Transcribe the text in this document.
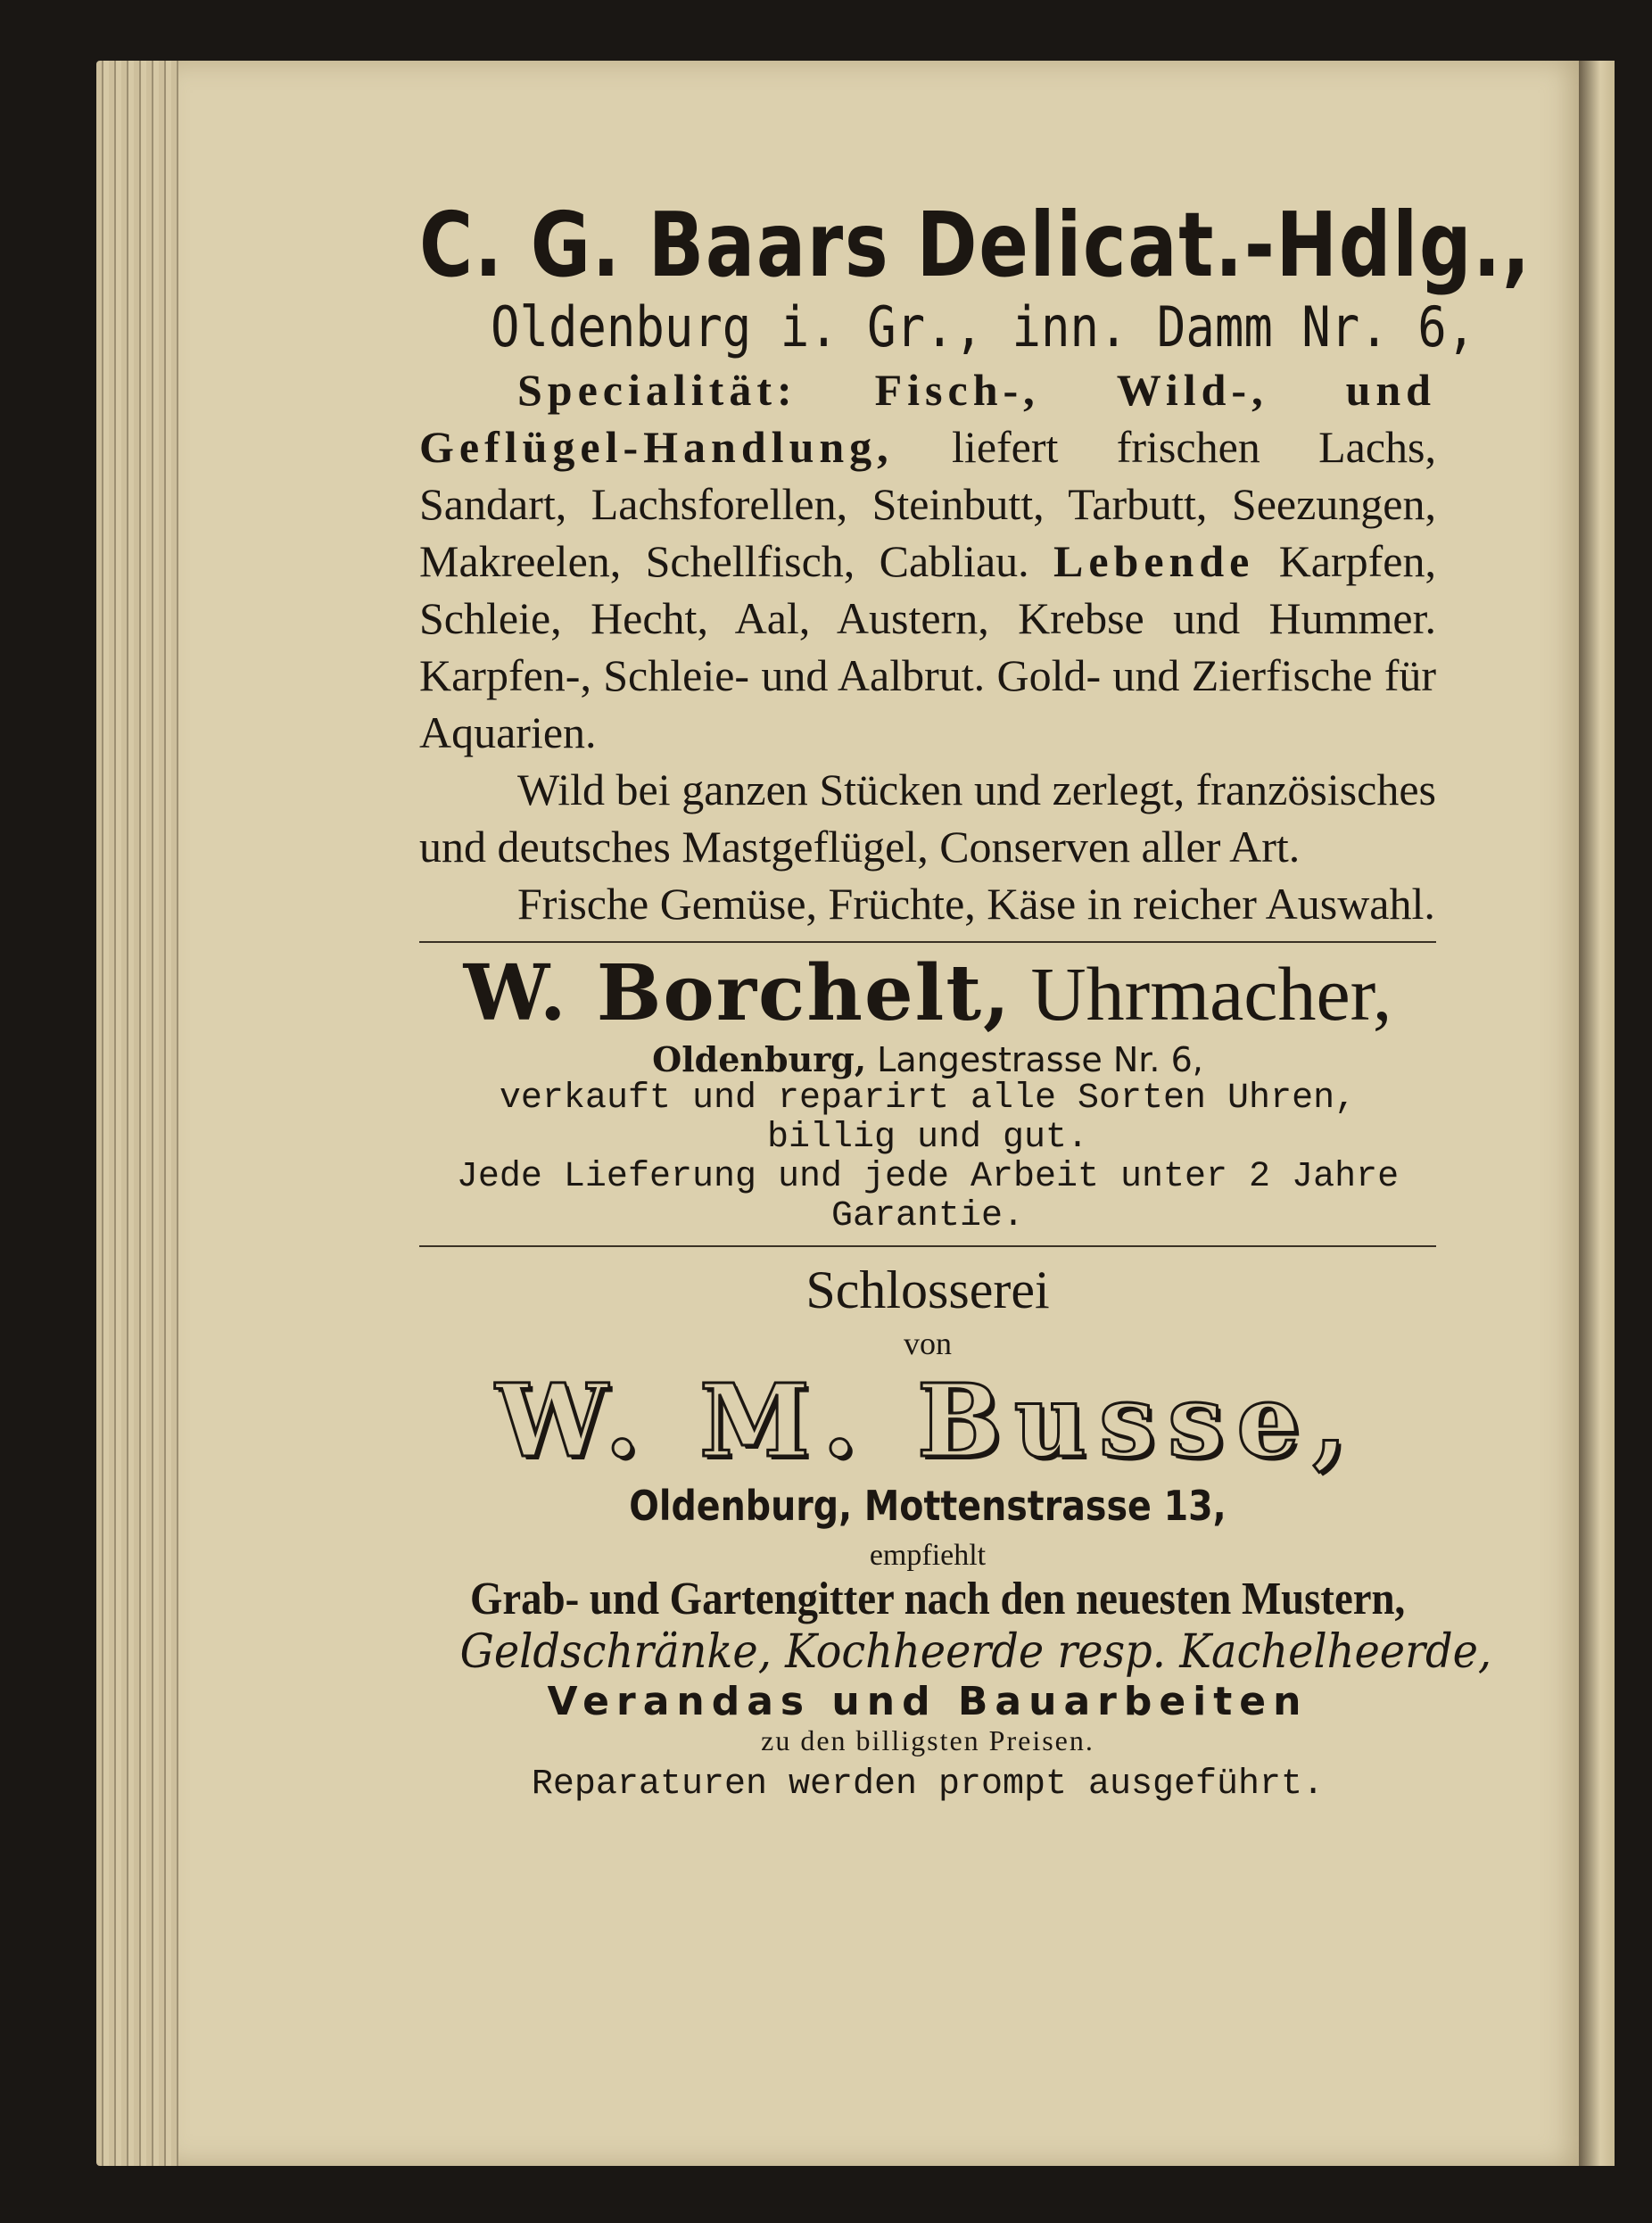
C. G. Baars Delicat.-Hdlg.,
Oldenburg i. Gr., inn. Damm Nr. 6,

Specialität: Fisch-, Wild-, und Geflügel-Handlung, liefert frischen Lachs, Sandart, Lachsforellen, Steinbutt, Tarbutt, Seezungen, Makreelen, Schellfisch, Cabliau. Lebende Karpfen, Schleie, Hecht, Aal, Austern, Krebse und Hummer. Karpfen-, Schleie- und Aalbrut. Gold- und Zierfische für Aquarien.

Wild bei ganzen Stücken und zerlegt, französisches und deutsches Mastgeflügel, Conserven aller Art.

Frische Gemüse, Früchte, Käse in reicher Auswahl.

W. Borchelt, Uhrmacher,
Oldenburg, Langestrasse Nr. 6,
verkauft und reparirt alle Sorten Uhren,
billig und gut.
Jede Lieferung und jede Arbeit unter 2 Jahre
Garantie.
Schlosserei
von
W. M. Busse,
Oldenburg, Mottenstrasse 13,
empfiehlt
Grab- und Gartengitter nach den neuesten Mustern,
Geldschränke, Kochheerde resp. Kachelheerde,
Verandas und Bauarbeiten
zu den billigsten Preisen.
Reparaturen werden prompt ausgeführt.
